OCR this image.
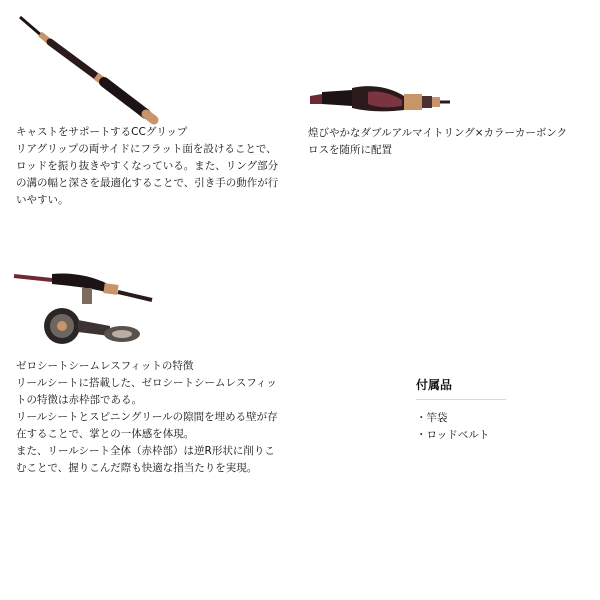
キャストをサポートするCCグリップ

リアグリップの両サイドにフラット面を設けることで、
ロッドを振り抜きやすくなっている。また、リング部分
の溝の幅と深さを最適化することで、引き手の動作が行
いやすい。

煌びやかなダブルアルマイトリング×カラーカーボンク

ロスを随所に配置

ゼロシートシームレスフィットの特徴

リールシートに搭載した、ゼロシートシームレスフィッ
トの特徴は赤枠部である。
リールシートとスピニングリールの隙間を埋める壁が存
在することで、掌との一体感を体現。
また、リールシート全体（赤枠部）は逆R形状に削りこ
むことで、握りこんだ際も快適な指当たりを実現。

付属品

・竿袋
・ロッドベルト
